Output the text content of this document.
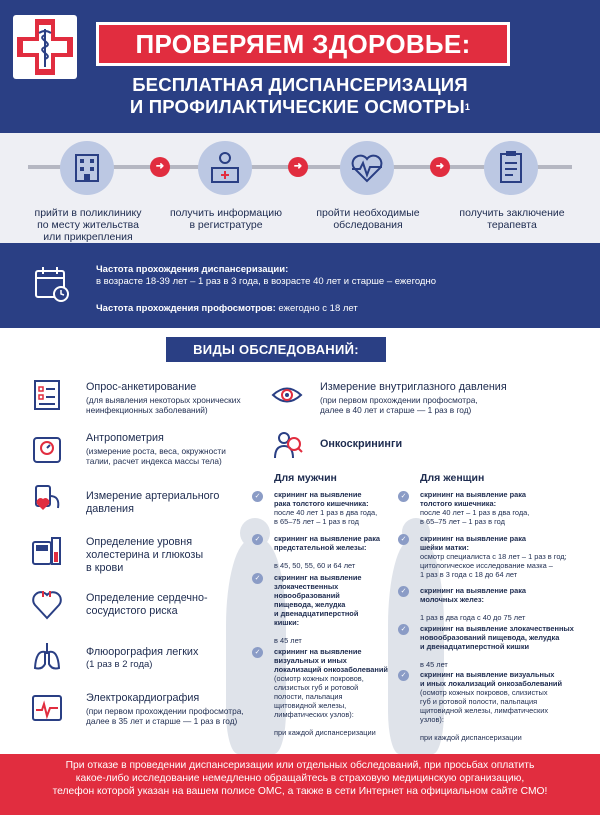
ПРОВЕРЯЕМ ЗДОРОВЬЕ:
БЕСПЛАТНАЯ ДИСПАНСЕРИЗАЦИЯ
И ПРОФИЛАКТИЧЕСКИЕ ОСМОТРЫ$^1$
➜	➜	➜
прийти в поликлинику
по месту жительства
или прикрепления
получить информацию
в регистратуре
пройти необходимые
обследования
получить заключение
терапевта
Частота прохождения диспансеризации:
в возрасте 18-39 лет – 1 раз в 3 года, в возрасте 40 лет и старше – ежегодно
Частота прохождения профосмотров: ежегодно с 18 лет
ВИДЫ ОБСЛЕДОВАНИЙ:
Опрос-анкетирование
(для выявления некоторых хронических
неинфекционных заболеваний)
Антропометрия
(измерение роста, веса, окружности
талии, расчет индекса массы тела)
Измерение артериального
давления
Определение уровня
холестерина и глюкозы
в крови
Определение сердечно-
сосудистого риска
Флюорография легких
(1 раз в 2 года)
Электрокардиография
(при первом прохождении профосмотра,
далее в 35 лет и старше — 1 раз в год)
Измерение внутриглазного давления
(при первом прохождении профосмотра,
далее в 40 лет и старше — 1 раз в год)
Онкоскрининги
Для мужчин
✓	скрининг на выявление
рака толстого кишечника:
после 40 лет 1 раз в два года,
в 65–75 лет – 1 раз в год
✓	скрининг на выявление рака
предстательной железы:

в 45, 50, 55, 60 и 64 лет
✓	скрининг на выявление
злокачественных
новообразований
пищевода, желудка
и двенадцатиперстной
кишки:

в 45 лет
✓	скрининг на выявление
визуальных и иных
локализаций онкозаболеваний
(осмотр кожных покровов,
слизистых губ и ротовой
полости, пальпация
щитовидной железы,
лимфатических узлов):

при каждой диспансеризации
Для женщин
✓	скрининг на выявление рака
толстого кишечника:
после 40 лет – 1 раз в два года,
в 65–75 лет – 1 раз в год
✓	скрининг на выявление рака
шейки матки:
осмотр специалиста с 18 лет – 1 раз в год;
цитологическое исследование мазка –
1 раз в 3 года с 18 до 64 лет
✓	скрининг на выявление рака
молочных желез:

1 раз в два года с 40 до 75 лет
✓	скрининг на выявление злокачественных
новообразований пищевода, желудка
и двенадцатиперстной кишки

в 45 лет
✓	скрининг на выявление визуальных
и иных локализаций онкозаболеваний
(осмотр кожных покровов, слизистых
губ и ротовой полости, пальпация
щитовидной железы, лимфатических
узлов):

при каждой диспансеризации
При отказе в проведении диспансеризации или отдельных обследований, при просьбах оплатить
какое-либо исследование немедленно обращайтесь в страховую медицинскую организацию,
телефон которой указан на вашем полисе ОМС, а также в сети Интернет на официальном сайте СМО!
